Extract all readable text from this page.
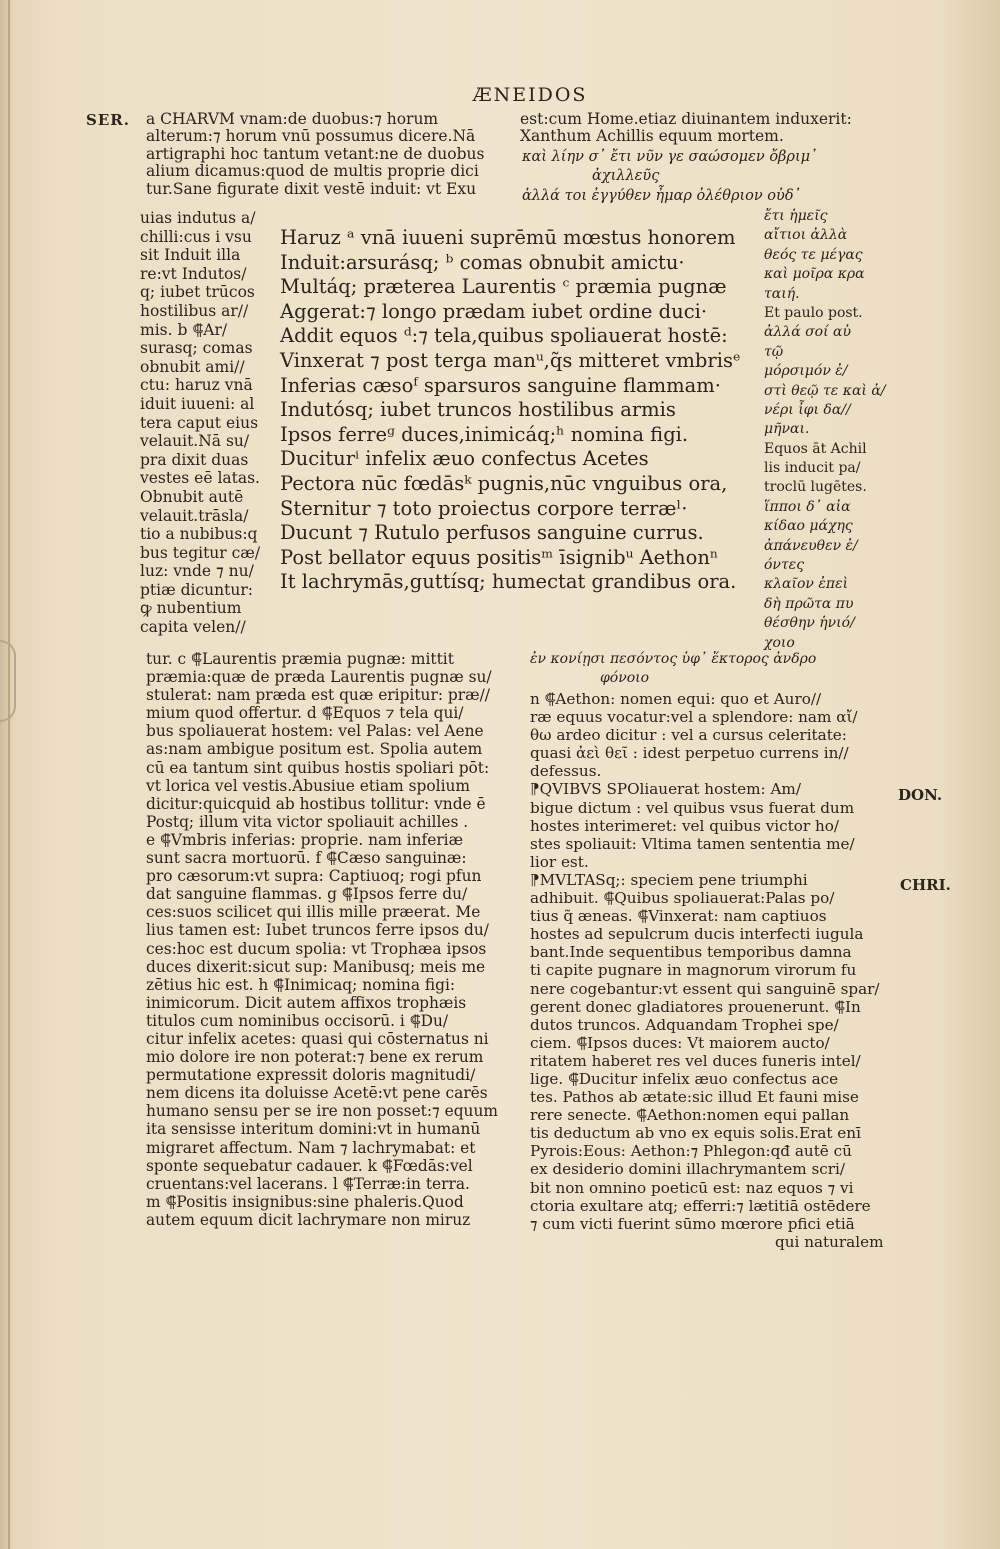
ÆNEIDOS
SER.
DON.
CHRI.
a CHARVM vnam:de duobus:⁊ horum
alterum:⁊ horum vnū possumus dicere.Nā
artigraphi hoc tantum vetant:ne de duobus
alium dicamus:quod de multis proprie dici
tur.Sane figurate dixit vestē induit: vt Exu
uias indutus a/
chilli:cus i vsu
sit Induit illa
re:vt Indutos/
q; iubet trūcos
hostilibus ar//
mis. b ⸿Ar/
surasq; comas
obnubit ami//
ctu: haruz vnā
iduit iuueni: al
tera caput eius
velauit.Nā su/
pra dixit duas
vestes eē latas.
Obnubit autē
velauit.trāsla/
tio a nubibus:q
bus tegitur cæ/
luz: vnde ⁊ nu/
ptiæ dicuntur:
ꝙ nubentium
capita velen//
est:cum Home.etiaz diuinantem induxerit:
Xanthum Achillis equum mortem.
καὶ λίην σ᾽ ἔτι νῦν γε σαώσομεν ὄβριμ᾽
ἀχιλλεῦς
ἀλλά τοι ἐγγύθεν ἦμαρ ὀλέθριον οὐδ᾽
ἔτι ἡμεῖς
αἴτιοι ἀλλὰ
θεός τε μέγας
καὶ μοῖρα κρα
ταιή.
Et paulo post.
ἀλλά σοί αὐ
τῷ
μόρσιμόν ἐ/
στὶ θεῷ τε καὶ ἀ/
νέρι ἶφι δα//
μῆναι.
Equos āt Achil
lis inducit pa/
troclū lugētes.
ἵπποι δ᾽ αἰα
κίδαο μάχης
ἀπάνευθεν ἐ/
όντες
κλαῖον ἐπεὶ
δὴ πρῶτα πυ
θέσθην ἡνιό/
χοιο
Haruz ᵃ vnā iuueni suprēmū mœstus honorem
Induit:arsurásq; ᵇ comas obnubit amictu·
Multáq; præterea Laurentis ᶜ præmia pugnæ
Aggerat:⁊ longo prædam iubet ordine duci·
Addit equos ᵈ:⁊ tela,quibus spoliauerat hostē:
Vinxerat ⁊ post terga manᵘ,q̃s mitteret vmbrisᵉ
Inferias cæsoᶠ sparsuros sanguine flammam·
Indutósq; iubet truncos hostilibus armis
Ipsos ferreᵍ duces,inimicáq;ʰ nomina figi.
Duciturⁱ infelix æuo confectus Acetes
Pectora nūc fœdāsᵏ pugnis,nūc vnguibus ora,
Sternitur ⁊ toto proiectus corpore terræˡ·
Ducunt ⁊ Rutulo perfusos sanguine currus.
Post bellator equus positisᵐ īsignibᵘ Aethonⁿ
It lachrymās,guttísq; humectat grandibus ora.
tur. c ⸿Laurentis præmia pugnæ: mittit
præmia:quæ de præda Laurentis pugnæ su/
stulerat: nam præda est quæ eripitur: præ//
mium quod offertur. d ⸿Equos ⁊ tela qui/
bus spoliauerat hostem: vel Palas: vel Aene
as:nam ambigue positum est. Spolia autem
cū ea tantum sint quibus hostis spoliari pōt:
vt lorica vel vestis.Abusiue etiam spolium
dicitur:quicquid ab hostibus tollitur: vnde ē
Postq; illum vita victor spoliauit achilles .
e ⸿Vmbris inferias: proprie. nam inferiæ
sunt sacra mortuorū. f ⸿Cæso sanguinæ:
pro cæsorum:vt supra: Captiuoq; rogi pfun
dat sanguine flammas. g ⸿Ipsos ferre du/
ces:suos scilicet qui illis mille præerat. Me
lius tamen est: Iubet truncos ferre ipsos du/
ces:hoc est ducum spolia: vt Trophæa ipsos
duces dixerit:sicut sup: Manibusq; meis me
zētius hic est. h ⸿Inimicaq; nomina figi:
inimicorum. Dicit autem affixos trophæis
titulos cum nominibus occisorū. i ⸿Du/
citur infelix acetes: quasi qui cōsternatus ni
mio dolore ire non poterat:⁊ bene ex rerum
permutatione expressit doloris magnitudi/
nem dicens ita doluisse Acetē:vt pene carēs
humano sensu per se ire non posset:⁊ equum
ita sensisse interitum domini:vt in humanū
migraret affectum. Nam ⁊ lachrymabat: et
sponte sequebatur cadauer. k ⸿Fœdās:vel
cruentans:vel lacerans. l ⸿Terræ:in terra.
m ⸿Positis insignibus:sine phaleris.Quod
autem equum dicit lachrymare non miruz
ἐν κονίῃσι πεσόντος ὑφ᾽ ἕκτορος ἀνδρο
φόνοιο
n ⸿Aethon: nomen equi: quo et Auro//
ræ equus vocatur:vel a splendore: nam αἴ/
θω ardeo dicitur : vel a cursus celeritate:
quasi ἀεὶ θεῖ : idest perpetuo currens in//
defessus.
⁋QVIBVS SPOliauerat hostem: Am/
bigue dictum : vel quibus vsus fuerat dum
hostes interimeret: vel quibus victor ho/
stes spoliauit: Vltima tamen sententia me/
lior est.
⁋MVLTASq;: speciem pene triumphi
adhibuit. ⸿Quibus spoliauerat:Palas po/
tius q̃ æneas. ⸿Vinxerat: nam captiuos
hostes ad sepulcrum ducis interfecti iugula
bant.Inde sequentibus temporibus damna
ti capite pugnare in magnorum virorum fu
nere cogebantur:vt essent qui sanguinē spar/
gerent donec gladiatores prouenerunt. ⸿In
dutos truncos. Adquandam Trophei spe/
ciem. ⸿Ipsos duces: Vt maiorem aucto/
ritatem haberet res vel duces funeris intel/
lige. ⸿Ducitur infelix æuo confectus ace
tes. Pathos ab ætate:sic illud Et fauni mise
rere senecte. ⸿Aethon:nomen equi pallan
tis deductum ab vno ex equis solis.Erat enī
Pyrois:Eous: Aethon:⁊ Phlegon:qđ autē cū
ex desiderio domini illachrymantem scri/
bit non omnino poeticū est: naz equos ⁊ vi
ctoria exultare atq; efferri:⁊ lætitiā ostēdere
⁊ cum victi fuerint sūmo mœrore pfici etiā
qui naturalem
